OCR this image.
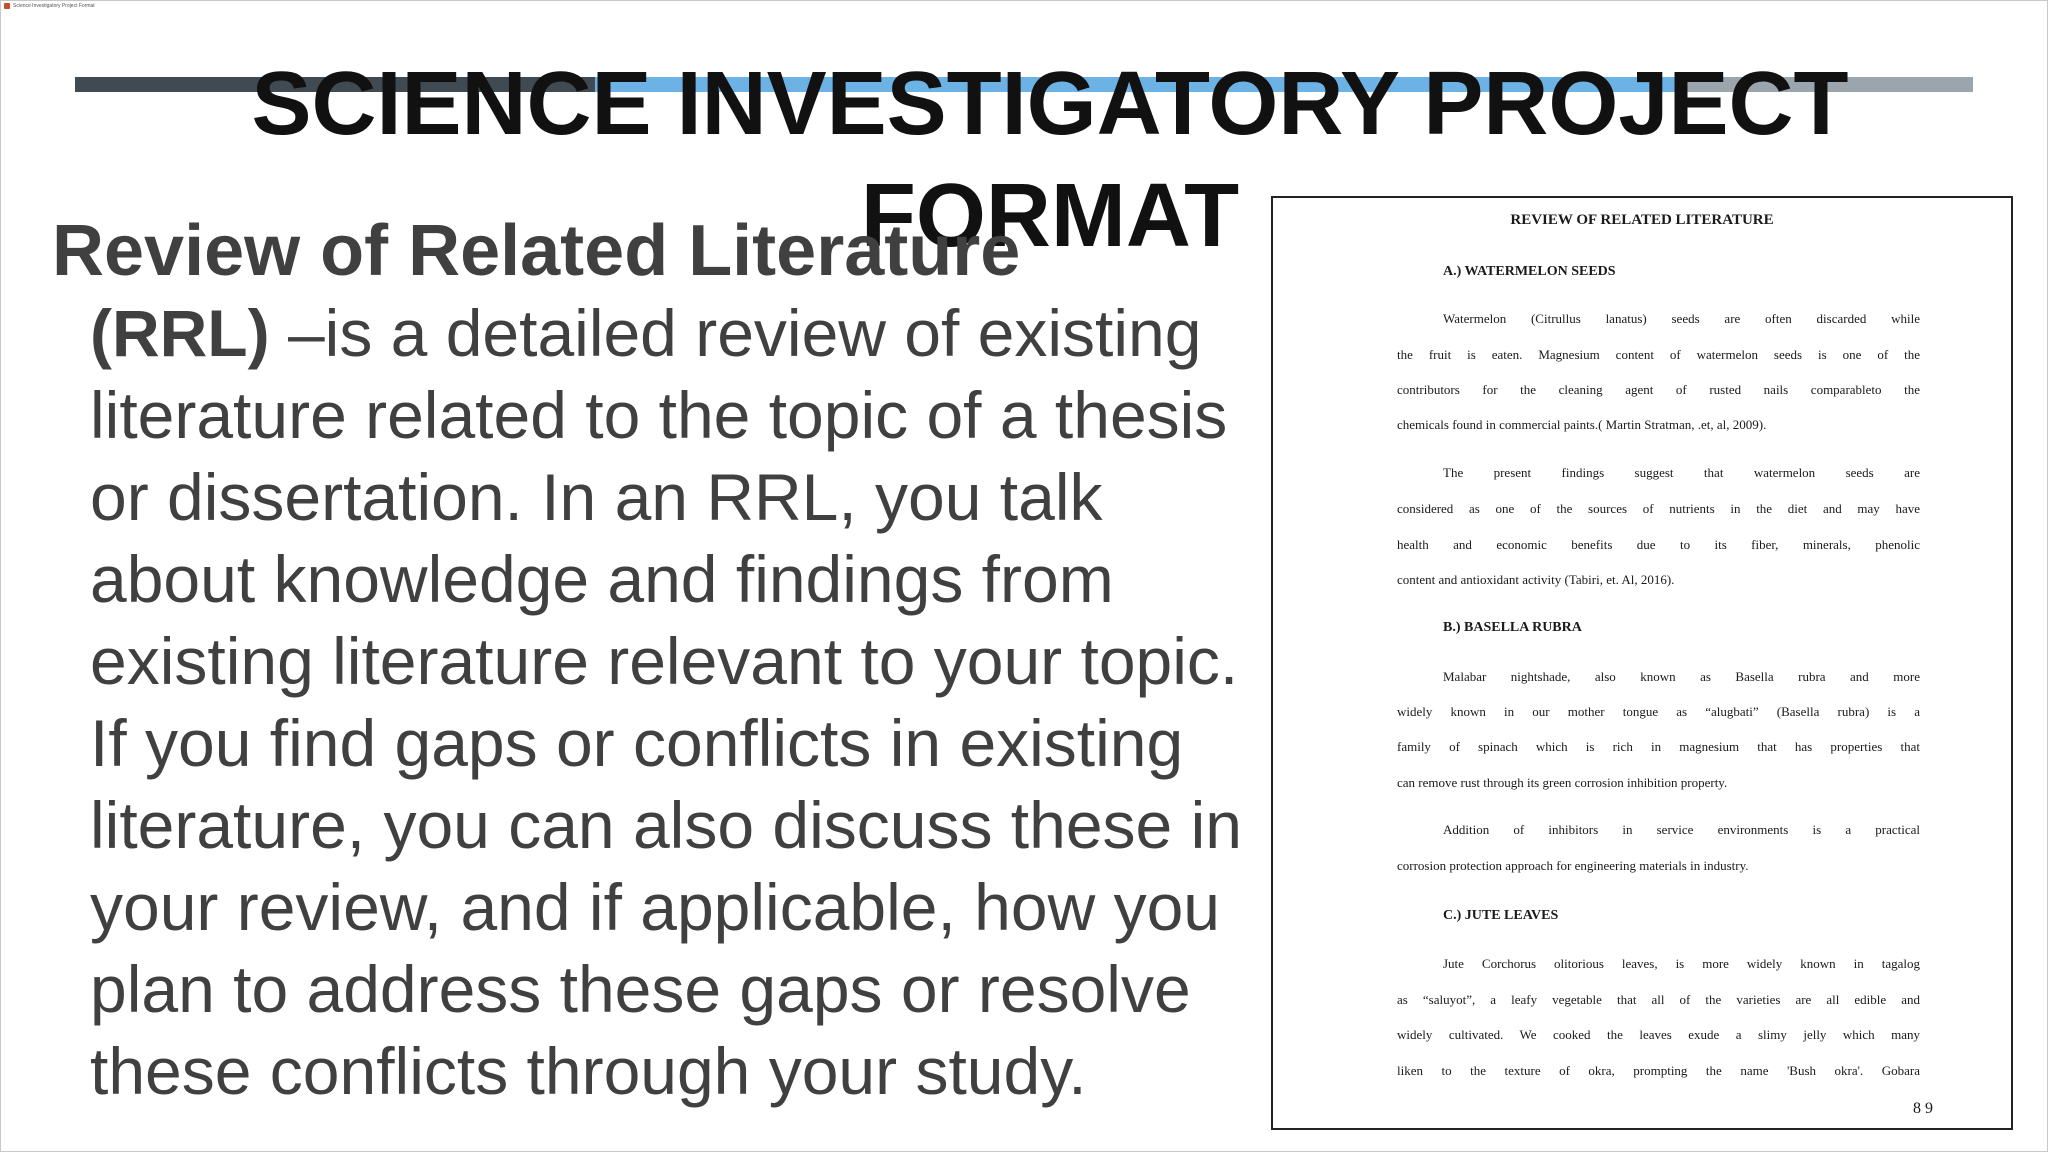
Science Investigatory Project Format
SCIENCE INVESTIGATORY PROJECT FORMAT
Review of Related Literature

(RRL) –is a detailed review of existing literature related to the topic of a thesis or dissertation. In an RRL, you talk about knowledge and findings from existing literature relevant to your topic. If you find gaps or conflicts in existing literature, you can also discuss these in your review, and if applicable, how you plan to address these gaps or resolve these conflicts through your study.

REVIEW OF RELATED LITERATURE
A.) WATERMELON SEEDS
Watermelon (Citrullus lanatus) seeds are often discarded while
the fruit is eaten. Magnesium content of watermelon seeds is one of the
contributors for the cleaning agent of rusted nails comparableto the
chemicals found in commercial paints.( Martin Stratman, .et, al, 2009).
The present findings suggest that watermelon seeds are
considered as one of the sources of nutrients in the diet and may have
health and economic benefits due to its fiber, minerals, phenolic
content and antioxidant activity (Tabiri, et. Al, 2016).
B.) BASELLA RUBRA
Malabar nightshade, also known as Basella rubra and more
widely known in our mother tongue as “alugbati” (Basella rubra) is a
family of spinach which is rich in magnesium that has properties that
can remove rust through its green corrosion inhibition property.
Addition of inhibitors in service environments is a practical
corrosion protection approach for engineering materials in industry.
C.) JUTE LEAVES
Jute Corchorus olitorious leaves, is more widely known in tagalog
as “saluyot”, a leafy vegetable that all of the varieties are all edible and
widely cultivated. We cooked the leaves exude a slimy jelly which many
liken to the texture of okra, prompting the name 'Bush okra'. Gobara
8 9
